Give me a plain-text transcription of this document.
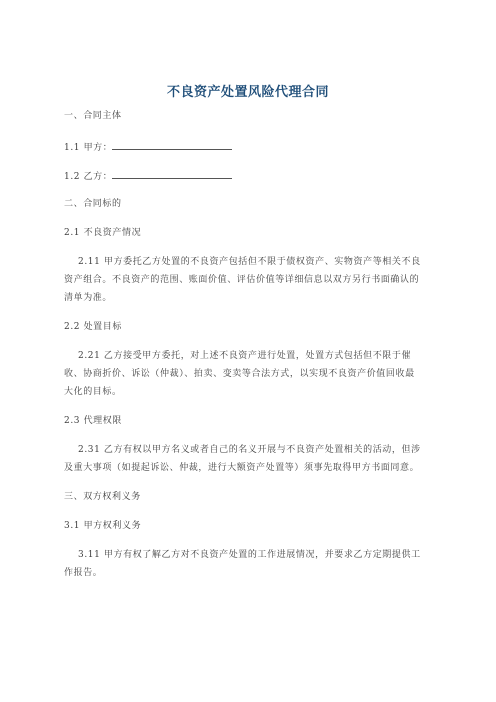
不良资产处置风险代理合同
一、合同主体
1.1 甲方：
1.2 乙方：
二、合同标的
2.1 不良资产情况
2.11 甲方委托乙方处置的不良资产包括但不限于债权资产、实物资产等相关不良
资产组合。不良资产的范围、账面价值、评估价值等详细信息以双方另行书面确认的
清单为准。
2.2 处置目标
2.21 乙方接受甲方委托，对上述不良资产进行处置，处置方式包括但不限于催
收、协商折价、诉讼（仲裁）、拍卖、变卖等合法方式，以实现不良资产价值回收最
大化的目标。
2.3 代理权限
2.31 乙方有权以甲方名义或者自己的名义开展与不良资产处置相关的活动，但涉
及重大事项（如提起诉讼、仲裁，进行大额资产处置等）须事先取得甲方书面同意。
三、双方权利义务
3.1 甲方权利义务
3.11 甲方有权了解乙方对不良资产处置的工作进展情况，并要求乙方定期提供工
作报告。
